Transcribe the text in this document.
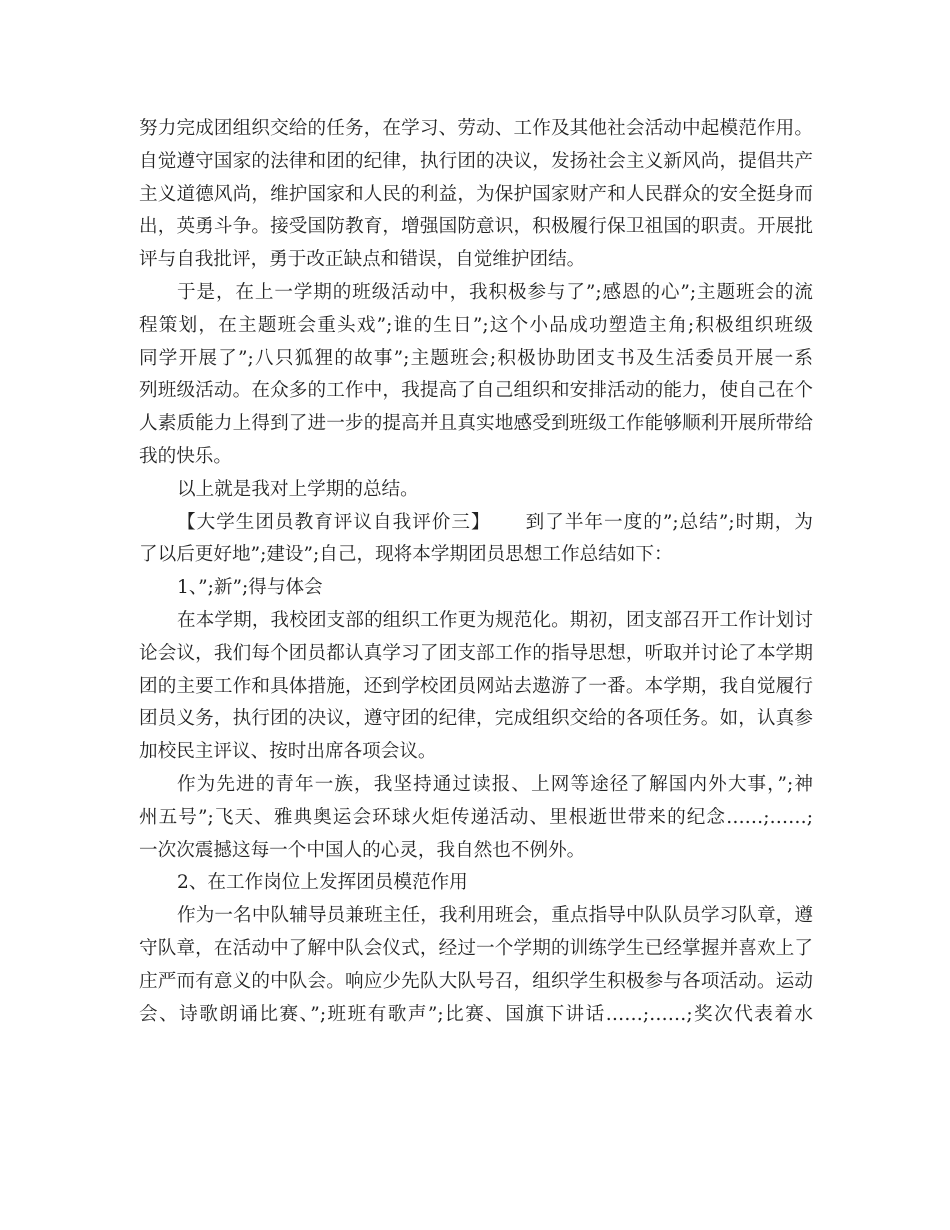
努力完成团组织交给的任务，在学习、劳动、工作及其他社会活动中起模范作用。
自觉遵守国家的法律和团的纪律，执行团的决议，发扬社会主义新风尚，提倡共产
主义道德风尚，维护国家和人民的利益，为保护国家财产和人民群众的安全挺身而
出，英勇斗争。接受国防教育，增强国防意识，积极履行保卫祖国的职责。开展批
评与自我批评，勇于改正缺点和错误，自觉维护团结。
于是，在上一学期的班级活动中，我积极参与了”;感恩的心”;主题班会的流
程策划，在主题班会重头戏”;谁的生日”;这个小品成功塑造主角;积极组织班级
同学开展了”;八只狐狸的故事”;主题班会;积极协助团支书及生活委员开展一系
列班级活动。在众多的工作中，我提高了自己组织和安排活动的能力，使自己在个
人素质能力上得到了进一步的提高并且真实地感受到班级工作能够顺利开展所带给
我的快乐。
以上就是我对上学期的总结。
【大学生团员教育评议自我评价三】 到了半年一度的”;总结”;时期，为
了以后更好地”;建设”;自己，现将本学期团员思想工作总结如下：
1、”;新”;得与体会
在本学期，我校团支部的组织工作更为规范化。期初，团支部召开工作计划讨
论会议，我们每个团员都认真学习了团支部工作的指导思想，听取并讨论了本学期
团的主要工作和具体措施，还到学校团员网站去遨游了一番。本学期，我自觉履行
团员义务，执行团的决议，遵守团的纪律，完成组织交给的各项任务。如，认真参
加校民主评议、按时出席各项会议。
作为先进的青年一族，我坚持通过读报、上网等途径了解国内外大事，”;神
州五号”;飞天、雅典奥运会环球火炬传递活动、里根逝世带来的纪念……;……;
一次次震撼这每一个中国人的心灵，我自然也不例外。
2、在工作岗位上发挥团员模范作用
作为一名中队辅导员兼班主任，我利用班会，重点指导中队队员学习队章，遵
守队章，在活动中了解中队会仪式，经过一个学期的训练学生已经掌握并喜欢上了
庄严而有意义的中队会。响应少先队大队号召，组织学生积极参与各项活动。运动
会、诗歌朗诵比赛、”;班班有歌声”;比赛、国旗下讲话……;……;奖次代表着水
